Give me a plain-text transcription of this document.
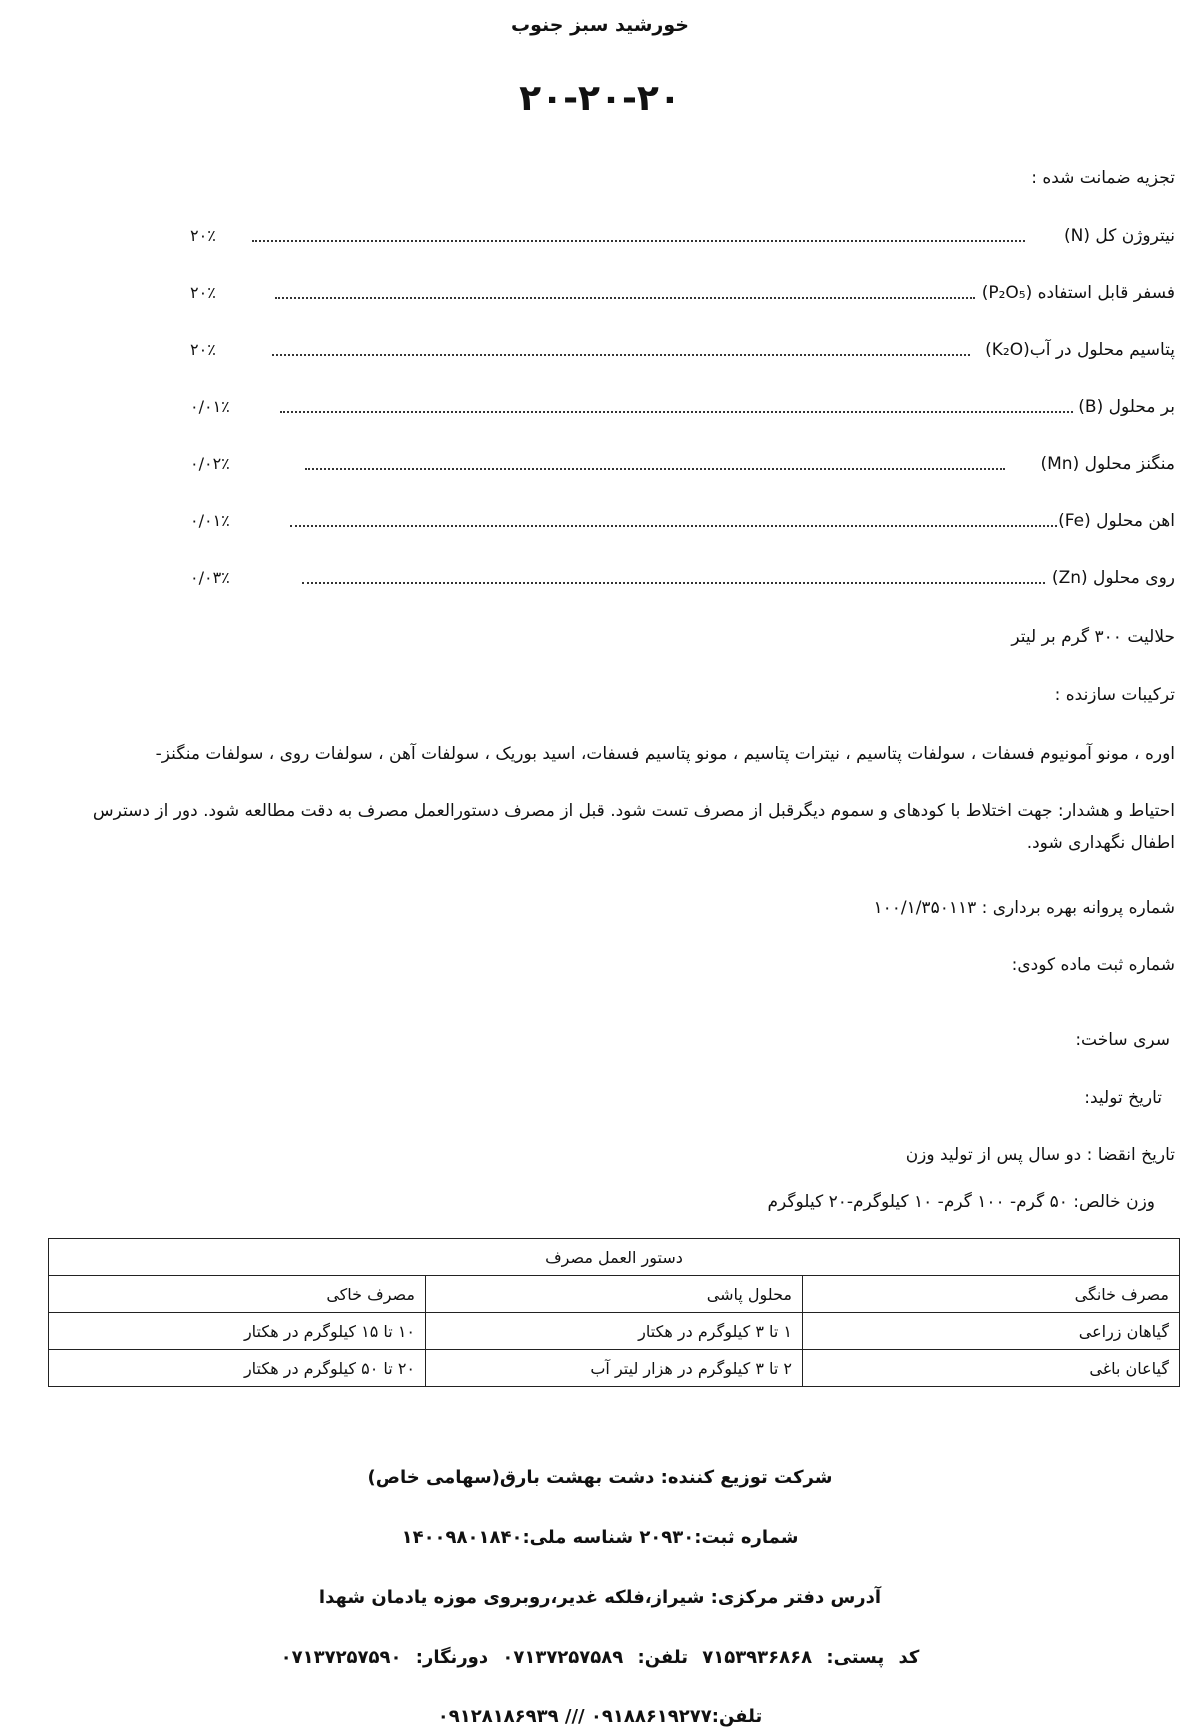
خورشید سبز جنوب
۲۰-۲۰-۲۰
تجزیه ضمانت شده :
نیتروژن کل (N)
۲۰٪
فسفر قابل استفاده (P₂O₅)
۲۰٪
پتاسیم محلول در آب(K₂O)
۲۰٪
بر محلول (B)
۰/۰۱٪
منگنز محلول (Mn)
۰/۰۲٪
اهن محلول (Fe)
۰/۰۱٪
روی محلول (Zn)
۰/۰۳٪
حلالیت ۳۰۰ گرم بر لیتر
ترکیبات سازنده :
اوره ، مونو آمونیوم فسفات ، سولفات پتاسیم ، نیترات پتاسیم ، مونو پتاسیم فسفات، اسید بوریک ، سولفات آهن ، سولفات روی ، سولفات منگنز-
احتیاط و هشدار: جهت اختلاط با کودهای و سموم دیگرقبل از مصرف تست شود. قبل از مصرف دستورالعمل مصرف به دقت مطالعه شود. دور از دسترس اطفال نگهداری شود.
شماره پروانه بهره برداری : ۱۰۰/۱/۳۵۰۱۱۳
شماره ثبت ماده کودی:
سری ساخت:
تاریخ تولید:
تاریخ انقضا : دو سال پس از تولید وزن
وزن خالص: ۵۰ گرم- ۱۰۰ گرم- ۱۰ کیلوگرم-۲۰ کیلوگرم
دستور العمل مصرف		
مصرف خانگی	محلول پاشی	مصرف خاکی
گیاهان زراعی	۱ تا ۳ کیلوگرم در هکتار	۱۰ تا ۱۵ کیلوگرم در هکتار
گیاعان باغی	۲ تا ۳ کیلوگرم در هزار لیتر آب	۲۰ تا ۵۰ کیلوگرم در هکتار
شرکت توزیع کننده: دشت بهشت بارق(سهامی خاص)
شماره ثبت:۲۰۹۳۰ شناسه ملی:۱۴۰۰۹۸۰۱۸۴۰
آدرس دفتر مرکزی: شیراز،فلکه غدیر،روبروی موزه یادمان شهدا
کد پستی: ۷۱۵۳۹۳۶۸۶۸ تلفن: ۰۷۱۳۷۲۵۷۵۸۹ دورنگار: ۰۷۱۳۷۲۵۷۵۹۰
تلفن:۰۹۱۸۸۶۱۹۲۷۷ /// ۰۹۱۲۸۱۸۶۹۳۹
